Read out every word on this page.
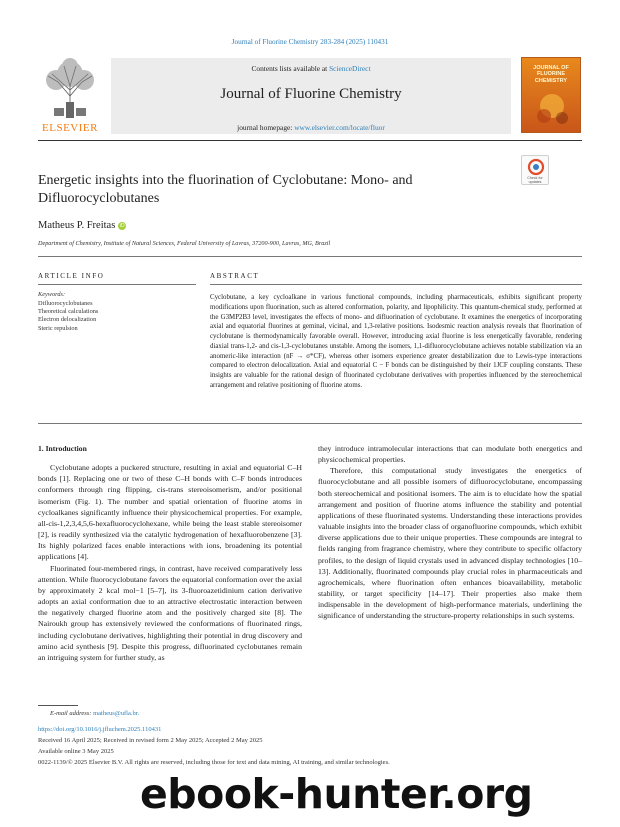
Journal of Fluorine Chemistry 283-284 (2025) 110431
ELSEVIER
Contents lists available at ScienceDirect
Journal of Fluorine Chemistry
journal homepage: www.elsevier.com/locate/fluor
JOURNAL OF FLUORINE CHEMISTRY
Energetic insights into the fluorination of Cyclobutane: Mono- and Difluorocyclobutanes
Check for updates
Matheus P. Freitas iD
Department of Chemistry, Institute of Natural Sciences, Federal University of Lavras, 37200-900, Lavras, MG, Brazil
ARTICLE INFO	ABSTRACT
Keywords:
Difluorocyclobutanes
Theoretical calculations
Electron delocalization
Steric repulsion
Cyclobutane, a key cycloalkane in various functional compounds, including pharmaceuticals, exhibits significant property modifications upon fluorination, such as altered conformation, polarity, and lipophilicity. This quantum-chemical study, performed at the G3MP2B3 level, investigates the effects of mono- and difluorination of cyclobutane. It examines the energetics of incorporating axial and equatorial fluorines at geminal, vicinal, and 1,3-relative positions. Isodesmic reaction analysis reveals that fluorination of cyclobutane is thermodynamically favorable overall. However, introducing axial fluorine is less energetically favorable, rendering diaxial trans-1,2- and cis-1,3-cyclobutanes unstable. Among the isomers, 1,1-difluorocyclobutane achieves notable stabilization via an anomeric-like interaction (nF → σ*CF), whereas other isomers experience greater destabilization due to Lewis-type interactions compared to electron delocalization. Axial and equatorial C − F bonds can be distinguished by their 1JCF coupling constants. These insights are valuable for the rational design of fluorinated cyclobutane derivatives with properties influenced by the stereochemical arrangement and relative positioning of fluorine atoms.

1. Introduction

Cyclobutane adopts a puckered structure, resulting in axial and equatorial C–H bonds [1]. Replacing one or two of these C–H bonds with C–F bonds introduces conformers through ring flipping, cis-trans stereoisomerism, and/or positional isomerism (Fig. 1). The number and spatial orientation of fluorine atoms in cycloalkanes significantly influence their physicochemical properties. For example, all-cis-1,2,3,4,5,6-hexafluorocyclohexane, while being the least stable stereoisomer [2], is readily synthesized via the catalytic hydrogenation of hexafluorobenzene [3]. Its highly polarized faces enable interactions with ions, broadening its potential applications [4].

Fluorinated four-membered rings, in contrast, have received comparatively less attention. While fluorocyclobutane favors the equatorial conformation over the axial by approximately 2 kcal mol−1 [5–7], its 3-fluoroazetidinium cation derivative adopts an axial conformation due to an attractive electrostatic interaction between the negatively charged fluorine atom and the positively charged site [8]. The Nairoukh group has extensively reviewed the conformations of fluorinated rings, including cyclobutane derivatives, highlighting their potential in drug discovery and amino acid synthesis [9]. Despite this progress, difluorinated cyclobutanes remain an intriguing system for further study, as

they introduce intramolecular interactions that can modulate both energetics and physicochemical properties.

Therefore, this computational study investigates the energetics of fluorocyclobutane and all possible isomers of difluorocyclobutane, encompassing both stereochemical and positional isomers. The aim is to elucidate how the spatial arrangement and position of fluorine atoms influence the stability and potential applications of these fluorinated systems. Understanding these interactions provides valuable insights into the broader class of organofluorine compounds, which exhibit diverse applications due to their unique properties. These compounds are integral to fields ranging from fragrance chemistry, where they contribute to specific olfactory profiles, to the design of liquid crystals used in advanced display technologies [10–13]. Additionally, fluorinated compounds play crucial roles in pharmaceuticals and agrochemicals, where fluorination often enhances bioavailability, metabolic stability, or target specificity [14–17]. Their properties also make them indispensable in the development of high-performance materials, underlining the significance of understanding the structure-property relationships in such systems.

E-mail address: matheus@ufla.br.
https://doi.org/10.1016/j.jfluchem.2025.110431
Received 16 April 2025; Received in revised form 2 May 2025; Accepted 2 May 2025
Available online 3 May 2025
0022-1139/© 2025 Elsevier B.V. All rights are reserved, including those for text and data mining, AI training, and similar technologies.
ebook-hunter.org
